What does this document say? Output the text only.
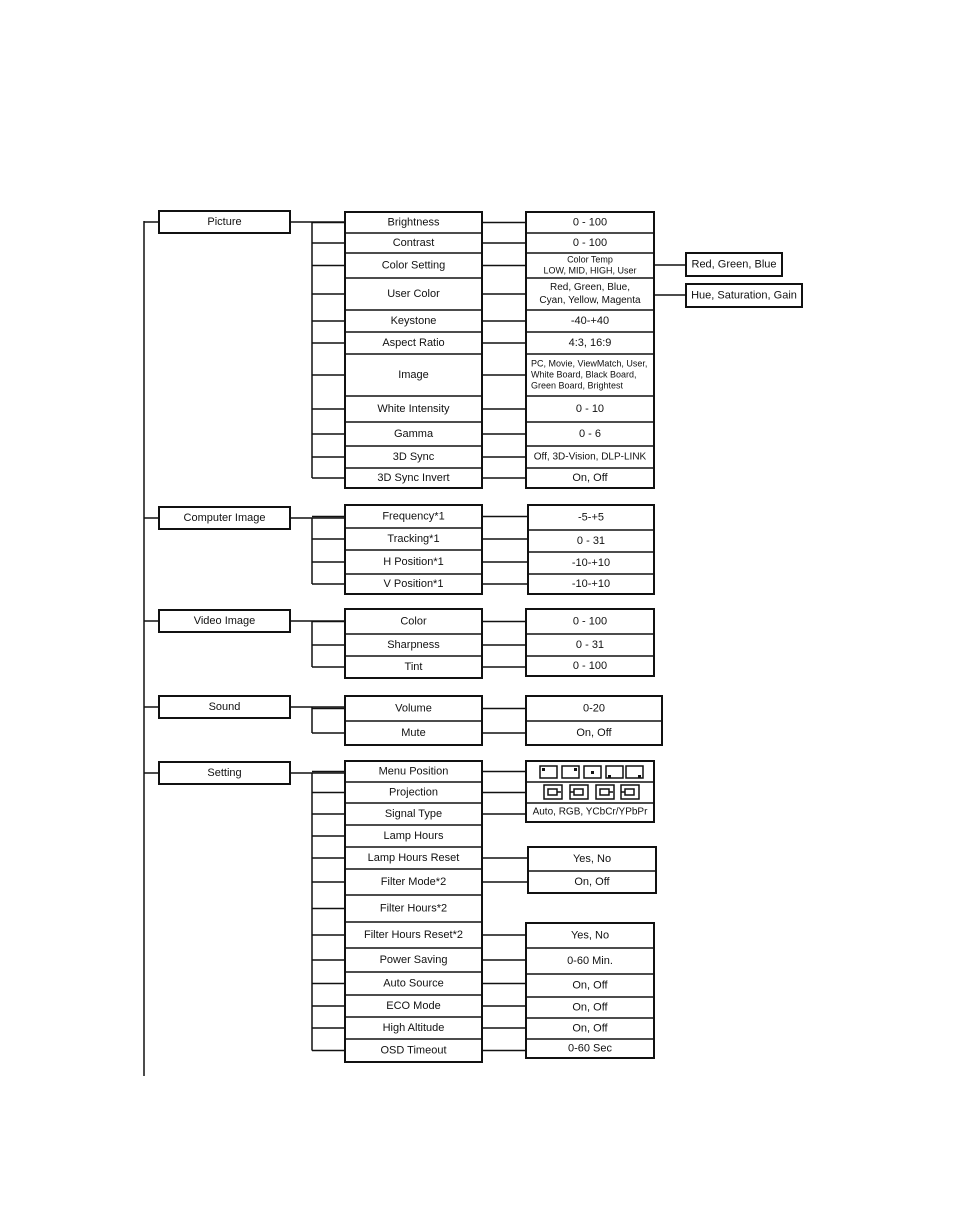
Picture
Computer Image
Video Image
Sound
Setting
Brightness
Contrast
Color Setting
User Color
Keystone
Aspect Ratio
Image
White Intensity
Gamma
3D Sync
3D Sync Invert
0 - 100
0 - 100
Color Temp
LOW, MID, HIGH, User
Red, Green, Blue,
Cyan, Yellow, Magenta
-40-+40
4:3, 16:9
PC, Movie, ViewMatch, User,
White Board, Black Board,
Green Board, Brightest
0 - 10
0 - 6
Off, 3D-Vision, DLP-LINK
On, Off
Red, Green, Blue
Hue, Saturation, Gain
Frequency*1
Tracking*1
H Position*1
V Position*1
-5-+5
0 - 31
-10-+10
-10-+10
Color
Sharpness
Tint
0 - 100
0 - 31
0 - 100
Volume
Mute
0-20
On, Off
Menu Position
Projection
Signal Type
Lamp Hours
Lamp Hours Reset
Filter Mode*2
Filter Hours*2
Filter Hours Reset*2
Power Saving
Auto Source
ECO Mode
High Altitude
OSD Timeout
Auto, RGB, YCbCr/YPbPr
Yes, No
On, Off
Yes, No
0-60 Min.
On, Off
On, Off
On, Off
0-60 Sec
